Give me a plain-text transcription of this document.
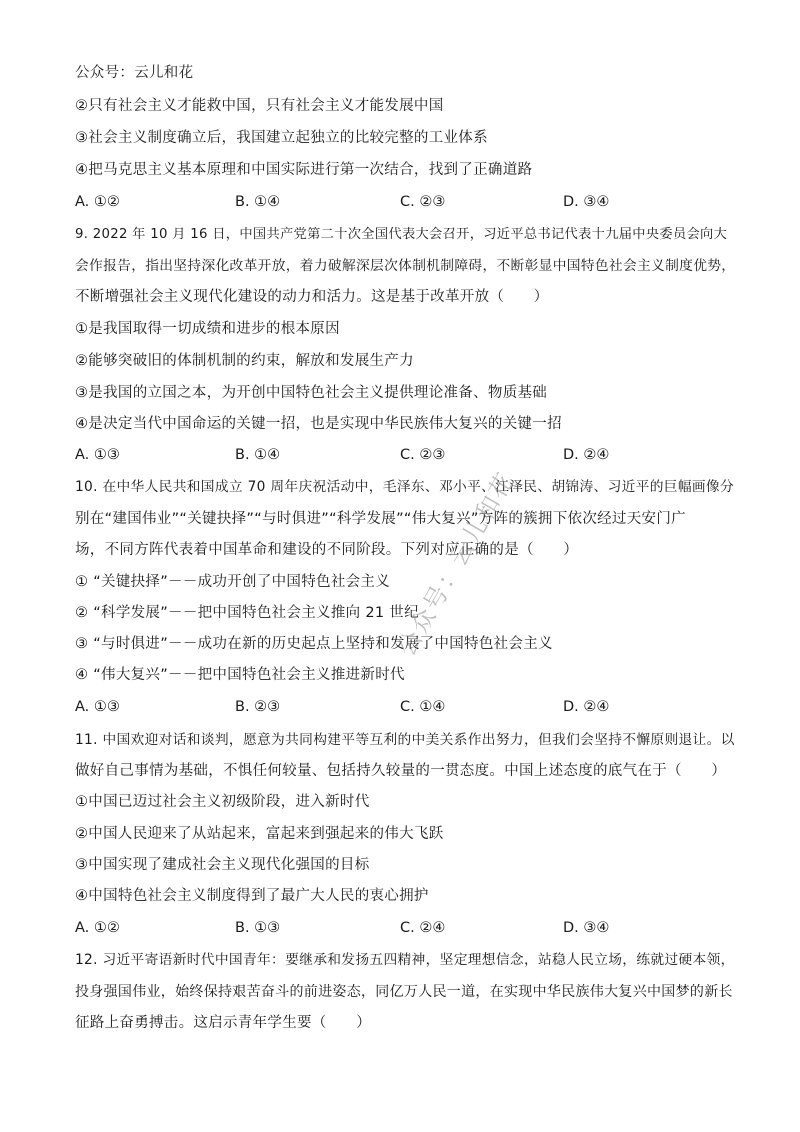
公众号：云儿和花
②只有社会主义才能救中国，只有社会主义才能发展中国
③社会主义制度确立后，我国建立起独立的比较完整的工业体系
④把马克思主义基本原理和中国实际进行第一次结合，找到了正确道路
A. ①②	B. ①④	C. ②③	D. ③④
9. 2022 年 10 月 16 日，中国共产党第二十次全国代表大会召开，习近平总书记代表十九届中央委员会向大
会作报告，指出坚持深化改革开放，着力破解深层次体制机制障碍，不断彰显中国特色社会主义制度优势，
不断增强社会主义现代化建设的动力和活力。这是基于改革开放（　　）
①是我国取得一切成绩和进步的根本原因
②能够突破旧的体制机制的约束，解放和发展生产力
③是我国的立国之本，为开创中国特色社会主义提供理论准备、物质基础
④是决定当代中国命运的关键一招，也是实现中华民族伟大复兴的关键一招
A. ①③	B. ①④	C. ②③	D. ②④
10. 在中华人民共和国成立 70 周年庆祝活动中，毛泽东、邓小平、江泽民、胡锦涛、习近平的巨幅画像分
别在“建国伟业”“关键抉择”“与时俱进”“科学发展”“伟大复兴”方阵的簇拥下依次经过天安门广
场，不同方阵代表着中国革命和建设的不同阶段。下列对应正确的是（　　）
① “关键抉择”－－成功开创了中国特色社会主义
② “科学发展”－－把中国特色社会主义推向 21 世纪
③ “与时俱进”－－成功在新的历史起点上坚持和发展了中国特色社会主义
④ “伟大复兴”－－把中国特色社会主义推进新时代
A. ①③	B. ②③	C. ①④	D. ②④
11. 中国欢迎对话和谈判，愿意为共同构建平等互利的中美关系作出努力，但我们会坚持不懈原则退让。以
做好自己事情为基础，不惧任何较量、包括持久较量的一贯态度。中国上述态度的底气在于（　　）
①中国已迈过社会主义初级阶段，进入新时代
②中国人民迎来了从站起来，富起来到强起来的伟大飞跃
③中国实现了建成社会主义现代化强国的目标
④中国特色社会主义制度得到了最广大人民的衷心拥护
A. ①②	B. ①③	C. ②④	D. ③④
12. 习近平寄语新时代中国青年：要继承和发扬五四精神，坚定理想信念，站稳人民立场，练就过硬本领，
投身强国伟业，始终保持艰苦奋斗的前进姿态，同亿万人民一道，在实现中华民族伟大复兴中国梦的新长
征路上奋勇搏击。这启示青年学生要（　　）
公众号：云儿和花
